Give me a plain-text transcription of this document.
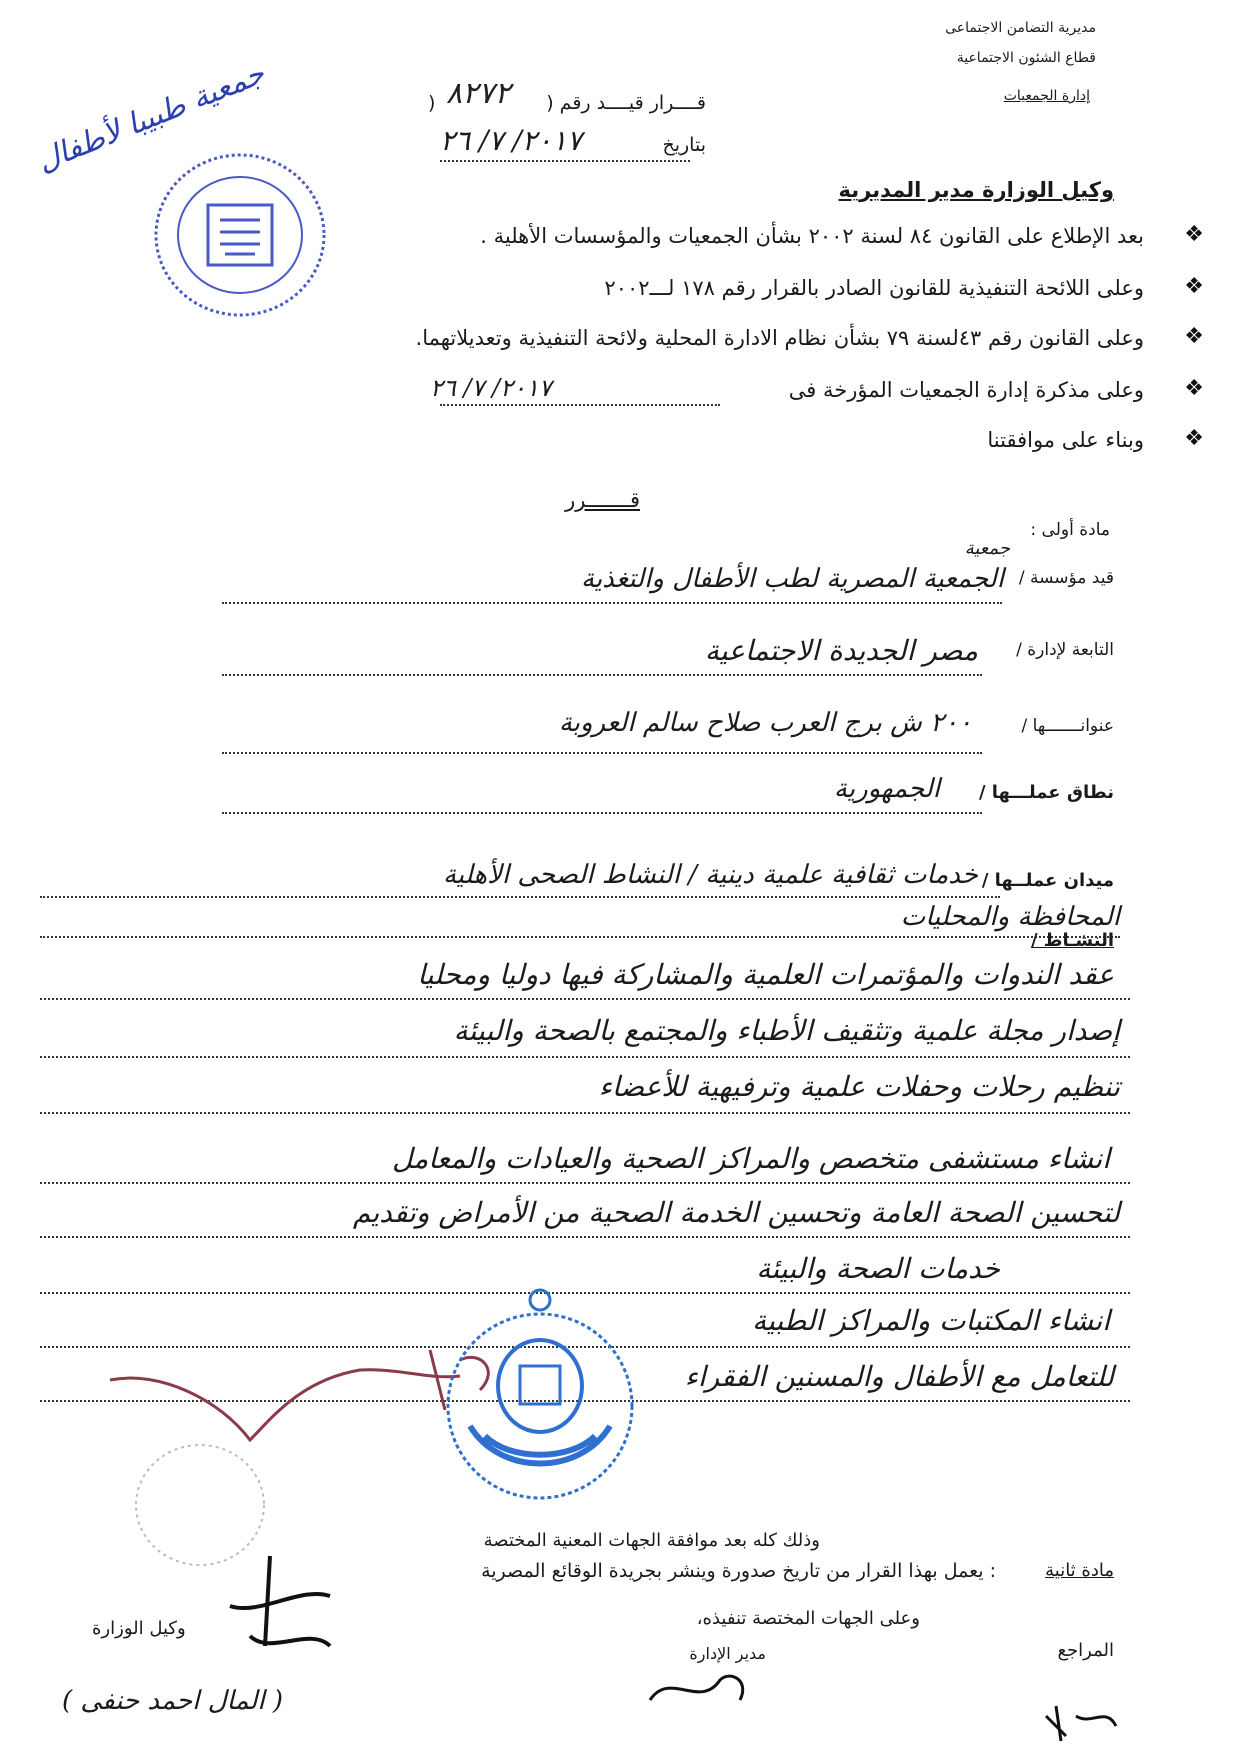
مديرية التضامن الاجتماعى
قطاع الشئون الاجتماعية
إدارة الجمعيات
قــــرار قيــــد رقم (
) ٨٢٧٢
بتاريخ
٢٠١٧/ ٧/ ٢٦
جمعية طبيبا لأطفال
وكيل الوزارة مدير المديرية
❖
بعد الإطلاع على القانون ٨٤ لسنة ٢٠٠٢ بشأن الجمعيات والمؤسسات الأهلية .
❖
وعلى اللائحة التنفيذية للقانون الصادر بالقرار رقم ١٧٨ لـــ٢٠٠٢
❖
وعلى القانون رقم ٤٣لسنة ٧٩ بشأن نظام الادارة المحلية ولائحة التنفيذية وتعديلاتهما.
❖
وعلى مذكرة إدارة الجمعيات المؤرخة فى
٢٠١٧/ ٧/ ٢٦
❖
وبناء على موافقتنا
قـــــــرر
مادة أولى :
قيد مؤسسة /
جمعية
الجمعية المصرية لطب الأطفال والتغذية
التابعة لإدارة /
مصر الجديدة الاجتماعية
عنوانـــــــها /
٢٠٠ ش برج العرب صلاح سالم العروبة
نطاق عملـــها /
الجمهورية
ميدان عملــها /
خدمات ثقافية علمية دينية / النشاط الصحى الأهلية
المحافظة والمحليات
النشـاط /
عقد الندوات والمؤتمرات العلمية والمشاركة فيها دوليا ومحليا
إصدار مجلة علمية وتثقيف الأطباء والمجتمع بالصحة والبيئة
تنظيم رحلات وحفلات علمية وترفيهية للأعضاء
انشاء مستشفى متخصص والمراكز الصحية والعيادات والمعامل
لتحسين الصحة العامة وتحسين الخدمة الصحية من الأمراض وتقديم
خدمات الصحة والبيئة
انشاء المكتبات والمراكز الطبية
للتعامل مع الأطفال والمسنين الفقراء
وذلك كله بعد موافقة الجهات المعنية المختصة
مادة ثانية
: يعمل بهذا القرار من تاريخ صدورة وينشر بجريدة الوقائع المصرية
وعلى الجهات المختصة تنفيذه،
المراجع
مدير الإدارة
وكيل الوزارة
( المال احمد حنفى )
